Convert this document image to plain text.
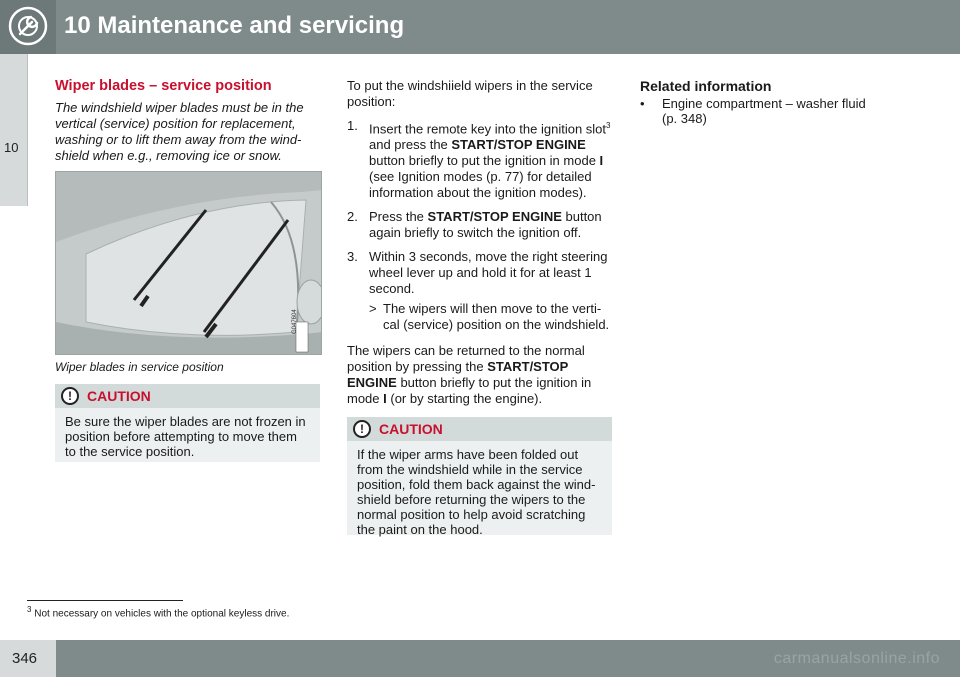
10 Maintenance and servicing
10
Wiper blades – service position
The windshield wiper blades must be in the vertical (service) position for replacement, washing or to lift them away from the wind-shield when e.g., removing ice or snow.
G047604
Wiper blades in service position
!	CAUTION
Be sure the wiper blades are not frozen in position before attempting to move them to the service position.
To put the windshiield wipers in the service position:
1. Insert the remote key into the ignition slot$^3$ and press the START/STOP ENGINE button briefly to put the ignition in mode I (see Ignition modes (p. 77) for detailed information about the ignition modes).
2. Press the START/STOP ENGINE button again briefly to switch the ignition off.
3. Within 3 seconds, move the right steering wheel lever up and hold it for at least 1 second.
> The wipers will then move to the verti-cal (service) position on the windshield.
The wipers can be returned to the normal position by pressing the START/STOP ENGINE button briefly to put the ignition in mode I (or by starting the engine).
!	CAUTION
If the wiper arms have been folded out from the windshield while in the service position, fold them back against the wind-shield before returning the wipers to the normal position to help avoid scratching the paint on the hood.
Related information
• Engine compartment – washer fluid (p. 348)
$^3$ Not necessary on vehicles with the optional keyless drive.
346	carmanualsonline.info
